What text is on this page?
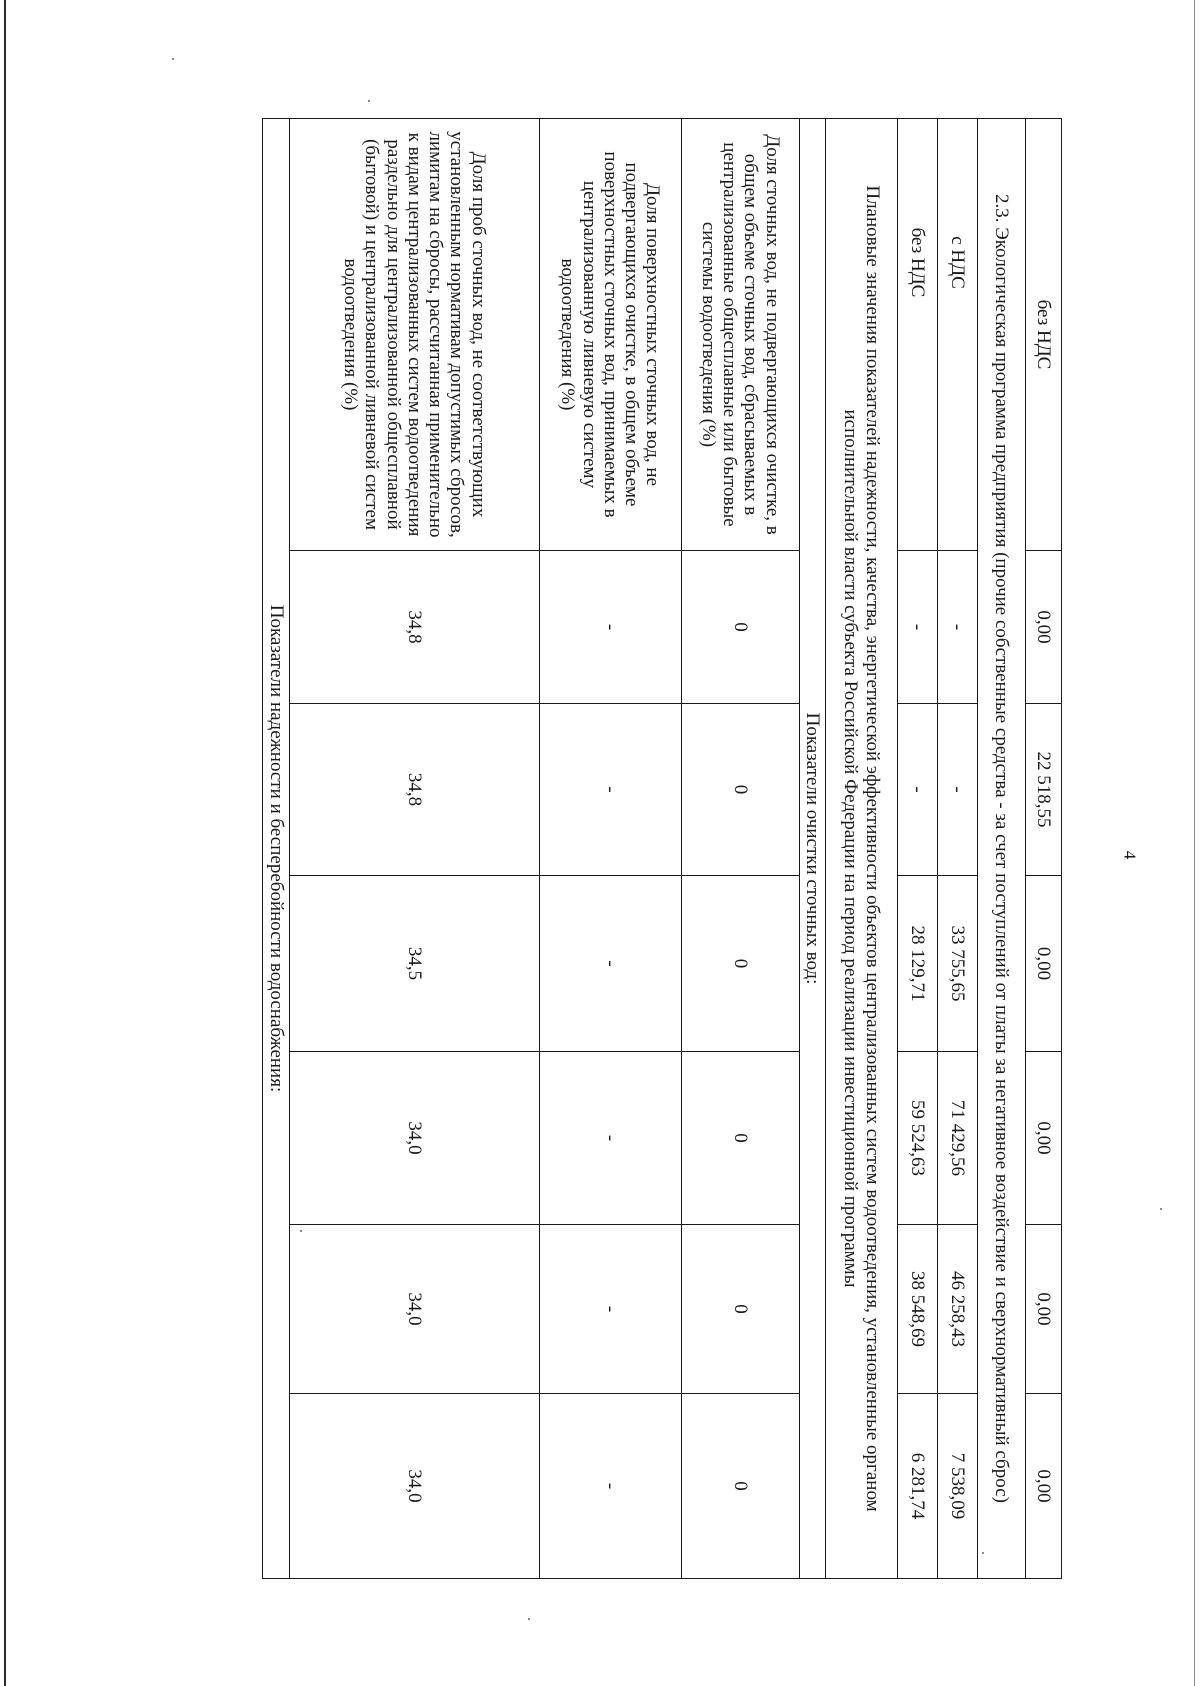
4
без НДС	0,00	22 518,55	0,00	0,00	0,00	0,00
2.3. Экологическая программа предприятия (прочие собственные средства - за счет поступлений от платы за негативное воздействие и сверхнормативный сброс)						
с НДС	-	-	33 755,65	71 429,56	46 258,43	7 538,09
без НДС	-	-	28 129,71	59 524,63	38 548,69	6 281,74
Плановые значения показателей надежности, качества, энергетической эффективности объектов централизованных систем водоотведения, установленные органом исполнительной власти субъекта Российской Федерации на период реализации инвестиционной программы						
Показатели очистки сточных вод:						
Доля сточных вод, не подвергающихся очистке, в общем объеме сточных вод, сбрасываемых в централизованные общесплавные или бытовые системы водоотведения (%)	0	0	0	0	0	0
Доля поверхностных сточных вод, не подвергающихся очистке, в общем объеме поверхностных сточных вод, принимаемых в централизованную ливневую систему водоотведения (%)	-	-	-	-	-	-
Доля проб сточных вод, не соответствующих установленным нормативам допустимых сбросов, лимитам на сбросы, рассчитанная применительно к видам централизованных систем водоотведения раздельно для централизованной общесплавной (бытовой) и централизованной ливневой систем водоотведения (%)	34,8	34,8	34,5	34,0	34,0	34,0
Показатели надежности и бесперебойности водоснабжения:						
